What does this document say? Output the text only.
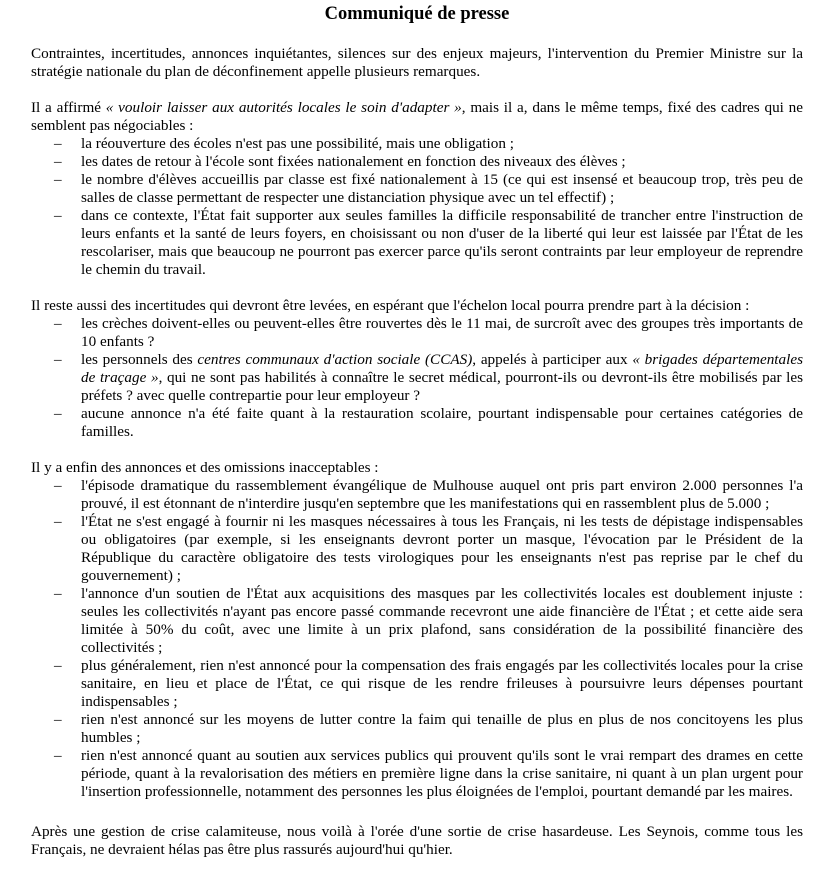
Communiqué de presse

Contraintes, incertitudes, annonces inquiétantes, silences sur des enjeux majeurs, l'intervention du Premier Ministre sur la stratégie nationale du plan de déconfinement appelle plusieurs remarques.

Il a affirmé « vouloir laisser aux autorités locales le soin d'adapter », mais il a, dans le même temps, fixé des cadres qui ne semblent pas négociables :

– la réouverture des écoles n'est pas une possibilité, mais une obligation ;
– les dates de retour à l'école sont fixées nationalement en fonction des niveaux des élèves ;
– le nombre d'élèves accueillis par classe est fixé nationalement à 15 (ce qui est insensé et beaucoup trop, très peu de salles de classe permettant de respecter une distanciation physique avec un tel effectif) ;
– dans ce contexte, l'État fait supporter aux seules familles la difficile responsabilité de trancher entre l'instruction de leurs enfants et la santé de leurs foyers, en choisissant ou non d'user de la liberté qui leur est laissée par l'État de les rescolariser, mais que beaucoup ne pourront pas exercer parce qu'ils seront contraints par leur employeur de reprendre le chemin du travail.

Il reste aussi des incertitudes qui devront être levées, en espérant que l'échelon local pourra prendre part à la décision :

– les crèches doivent-elles ou peuvent-elles être rouvertes dès le 11 mai, de surcroît avec des groupes très importants de 10 enfants ?
– les personnels des centres communaux d'action sociale (CCAS), appelés à participer aux « brigades départementales de traçage », qui ne sont pas habilités à connaître le secret médical, pourront-ils ou devront-ils être mobilisés par les préfets ? avec quelle contrepartie pour leur employeur ?
– aucune annonce n'a été faite quant à la restauration scolaire, pourtant indispensable pour certaines catégories de familles.

Il y a enfin des annonces et des omissions inacceptables :

– l'épisode dramatique du rassemblement évangélique de Mulhouse auquel ont pris part environ 2.000 personnes l'a prouvé, il est étonnant de n'interdire jusqu'en septembre que les manifestations qui en rassemblent plus de 5.000 ;
– l'État ne s'est engagé à fournir ni les masques nécessaires à tous les Français, ni les tests de dépistage indispensables ou obligatoires (par exemple, si les enseignants devront porter un masque, l'évocation par le Président de la République du caractère obligatoire des tests virologiques pour les enseignants n'est pas reprise par le chef du gouvernement) ;
– l'annonce d'un soutien de l'État aux acquisitions des masques par les collectivités locales est doublement injuste : seules les collectivités n'ayant pas encore passé commande recevront une aide financière de l'État ; et cette aide sera limitée à 50% du coût, avec une limite à un prix plafond, sans considération de la possibilité financière des collectivités ;
– plus généralement, rien n'est annoncé pour la compensation des frais engagés par les collectivités locales pour la crise sanitaire, en lieu et place de l'État, ce qui risque de les rendre frileuses à poursuivre leurs dépenses pourtant indispensables ;
– rien n'est annoncé sur les moyens de lutter contre la faim qui tenaille de plus en plus de nos concitoyens les plus humbles ;
– rien n'est annoncé quant au soutien aux services publics qui prouvent qu'ils sont le vrai rempart des drames en cette période, quant à la revalorisation des métiers en première ligne dans la crise sanitaire, ni quant à un plan urgent pour l'insertion professionnelle, notamment des personnes les plus éloignées de l'emploi, pourtant demandé par les maires.

Après une gestion de crise calamiteuse, nous voilà à l'orée d'une sortie de crise hasardeuse. Les Seynois, comme tous les Français, ne devraient hélas pas être plus rassurés aujourd'hui qu'hier.
